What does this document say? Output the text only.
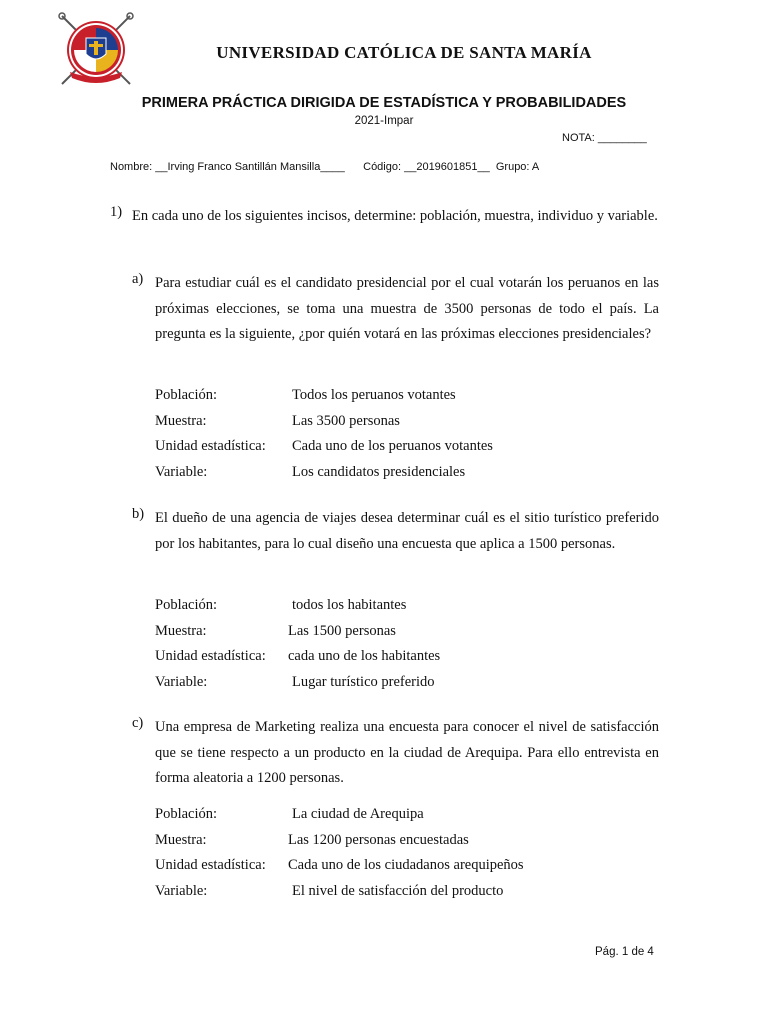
UNIVERSIDAD CATÓLICA DE SANTA MARÍA
PRIMERA PRÁCTICA DIRIGIDA DE ESTADÍSTICA Y PROBABILIDADES
2021-Impar
NOTA: ________
Nombre: __Irving Franco Santillán Mansilla____      Código: __2019601851__  Grupo: A
1) En cada uno de los siguientes incisos, determine: población, muestra, individuo y variable.
a) Para estudiar cuál es el candidato presidencial por el cual votarán los peruanos en las próximas elecciones, se toma una muestra de 3500 personas de todo el país. La pregunta es la siguiente, ¿por quién votará en las próximas elecciones presidenciales?
Población:	Todos los peruanos votantes
Muestra:	Las 3500 personas
Unidad estadística: Cada uno de los peruanos votantes
Variable:	Los candidatos presidenciales
b) El dueño de una agencia de viajes desea determinar cuál es el sitio turístico preferido por los habitantes, para lo cual diseño una encuesta que aplica a 1500 personas.
Población:	todos los habitantes
Muestra:	Las 1500 personas
Unidad estadística: cada uno de los habitantes
Variable:	Lugar turístico preferido
c) Una empresa de Marketing realiza una encuesta para conocer el nivel de satisfacción que se tiene respecto a un producto en la ciudad de Arequipa. Para ello entrevista en forma aleatoria a 1200 personas.
Población:	La ciudad de Arequipa
Muestra:	Las 1200 personas encuestadas
Unidad estadística: Cada uno de los ciudadanos arequipeños
Variable:	El nivel de satisfacción del producto
Pág. 1 de 4
